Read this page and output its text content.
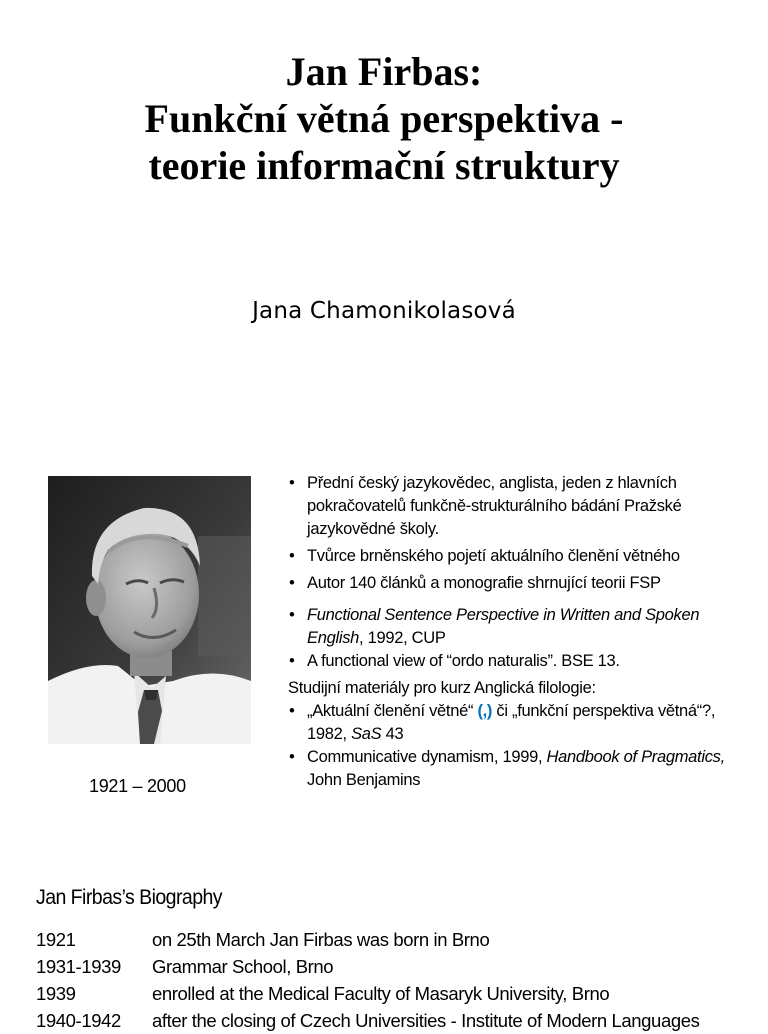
Jan Firbas:
Funkční větná perspektiva -
teorie informační struktury
Jana Chamonikolasová
1921 – 2000
• Přední český jazykovědec, anglista, jeden z hlavních pokračovatelů funkčně-strukturálního bádání Pražské jazykovědné školy.
• Tvůrce brněnského pojetí aktuálního členění větného
• Autor 140 článků a monografie shrnující teorii FSP
• Functional Sentence Perspective in Written and Spoken English, 1992, CUP
• A functional view of “ordo naturalis”. BSE 13.
Studijní materiály pro kurz Anglická filologie:
• „Aktuální členění větné“ (,) či „funkční perspektiva větná“?, 1982, SaS 43
• Communicative dynamism, 1999, Handbook of Pragmatics, John Benjamins
Jan Firbas’s Biography
1921	on 25th March Jan Firbas was born in Brno
1931-1939	Grammar School, Brno
1939	enrolled at the Medical Faculty of Masaryk University, Brno
1940-1942	after the closing of Czech Universities - Institute of Modern Languages
